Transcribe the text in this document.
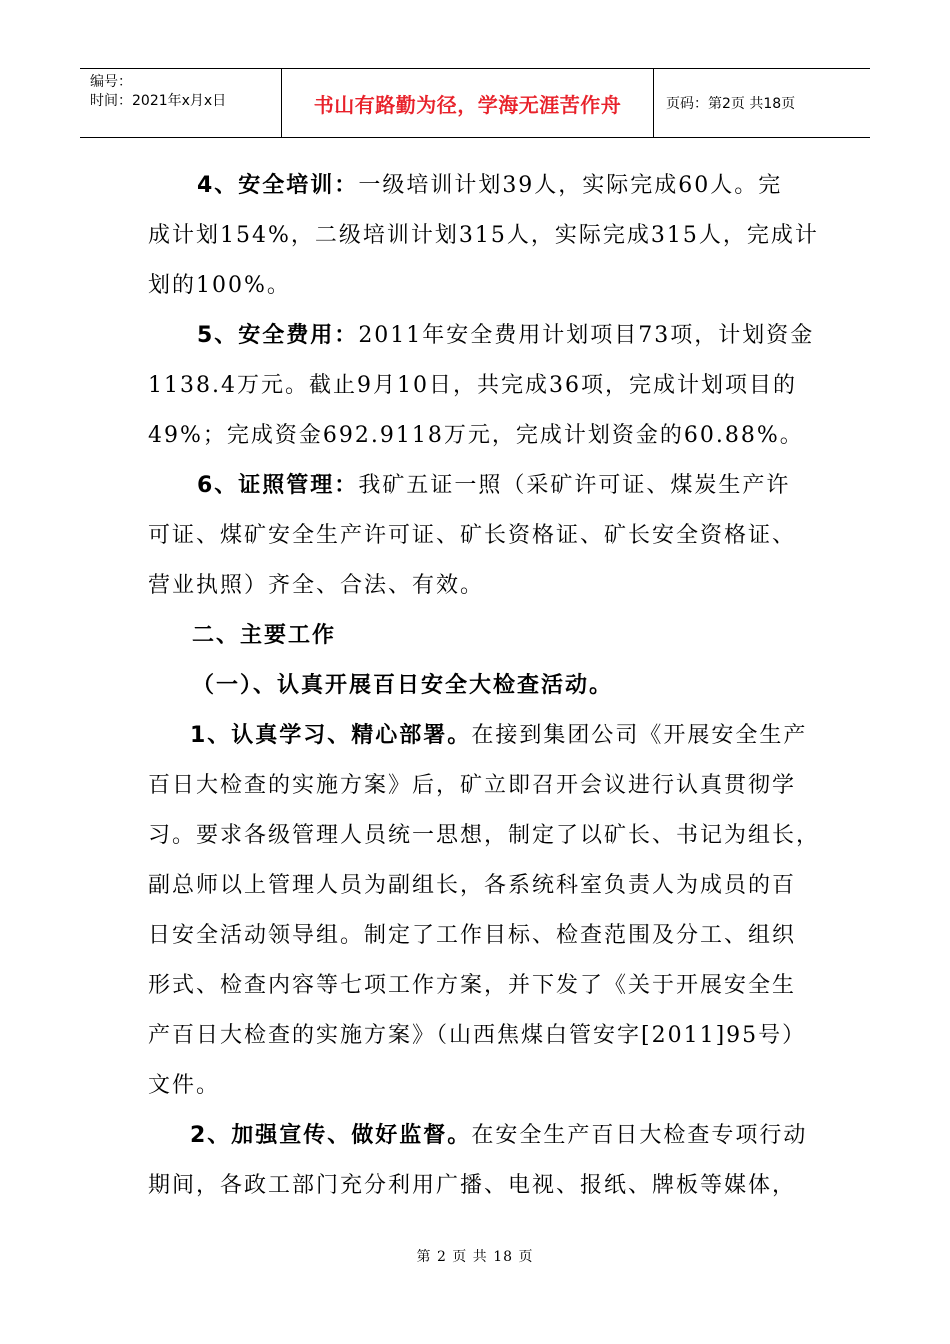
编号：
时间：2021年x月x日	书山有路勤为径，学海无涯苦作舟	页码：第2页 共18页
4、安全培训：一级培训计划39人，实际完成60人。完
成计划154%，二级培训计划315人，实际完成315人，完成计
划的100%。
5、安全费用：2011年安全费用计划项目73项，计划资金
1138.4万元。截止9月10日，共完成36项，完成计划项目的
49%；完成资金692.9118万元，完成计划资金的60.88%。
6、证照管理：我矿五证一照（采矿许可证、煤炭生产许
可证、煤矿安全生产许可证、矿长资格证、矿长安全资格证、
营业执照）齐全、合法、有效。
二、主要工作
（一）、认真开展百日安全大检查活动。
1、认真学习、精心部署。在接到集团公司《开展安全生产
百日大检查的实施方案》后，矿立即召开会议进行认真贯彻学
习。要求各级管理人员统一思想，制定了以矿长、书记为组长，
副总师以上管理人员为副组长，各系统科室负责人为成员的百
日安全活动领导组。制定了工作目标、检查范围及分工、组织
形式、检查内容等七项工作方案，并下发了《关于开展安全生
产百日大检查的实施方案》（山西焦煤白管安字[2011]95号）
文件。
2、加强宣传、做好监督。在安全生产百日大检查专项行动
期间，各政工部门充分利用广播、电视、报纸、牌板等媒体，
第 2 页 共 18 页
